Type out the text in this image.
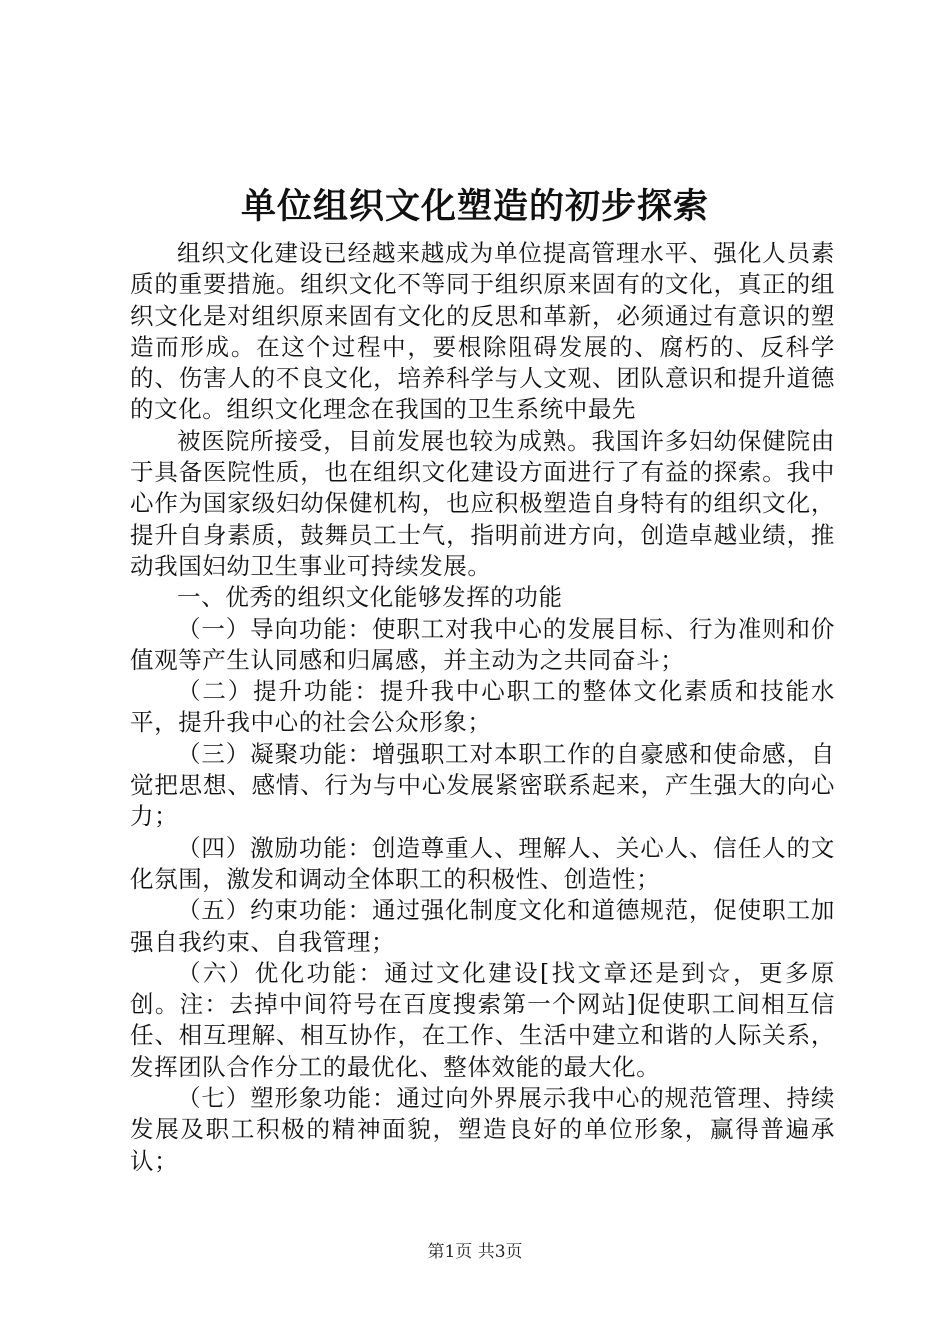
单位组织文化塑造的初步探索

组织文化建设已经越来越成为单位提高管理水平、强化人员素质的重要措施。组织文化不等同于组织原来固有的文化，真正的组织文化是对组织原来固有文化的反思和革新，必须通过有意识的塑造而形成。在这个过程中，要根除阻碍发展的、腐朽的、反科学的、伤害人的不良文化，培养科学与人文观、团队意识和提升道德的文化。组织文化理念在我国的卫生系统中最先

被医院所接受，目前发展也较为成熟。我国许多妇幼保健院由于具备医院性质，也在组织文化建设方面进行了有益的探索。我中心作为国家级妇幼保健机构，也应积极塑造自身特有的组织文化，提升自身素质，鼓舞员工士气，指明前进方向，创造卓越业绩，推动我国妇幼卫生事业可持续发展。

一、优秀的组织文化能够发挥的功能

（一）导向功能：使职工对我中心的发展目标、行为准则和价值观等产生认同感和归属感，并主动为之共同奋斗；

（二）提升功能：提升我中心职工的整体文化素质和技能水平，提升我中心的社会公众形象；

（三）凝聚功能：增强职工对本职工作的自豪感和使命感，自觉把思想、感情、行为与中心发展紧密联系起来，产生强大的向心力；

（四）激励功能：创造尊重人、理解人、关心人、信任人的文化氛围，激发和调动全体职工的积极性、创造性；

（五）约束功能：通过强化制度文化和道德规范，促使职工加强自我约束、自我管理；

（六）优化功能：通过文化建设[找文章还是到☆，更多原创。注：去掉中间符号在百度搜索第一个网站]促使职工间相互信任、相互理解、相互协作，在工作、生活中建立和谐的人际关系，发挥团队合作分工的最优化、整体效能的最大化。

（七）塑形象功能：通过向外界展示我中心的规范管理、持续发展及职工积极的精神面貌，塑造良好的单位形象，赢得普遍承认；

第1页 共3页
